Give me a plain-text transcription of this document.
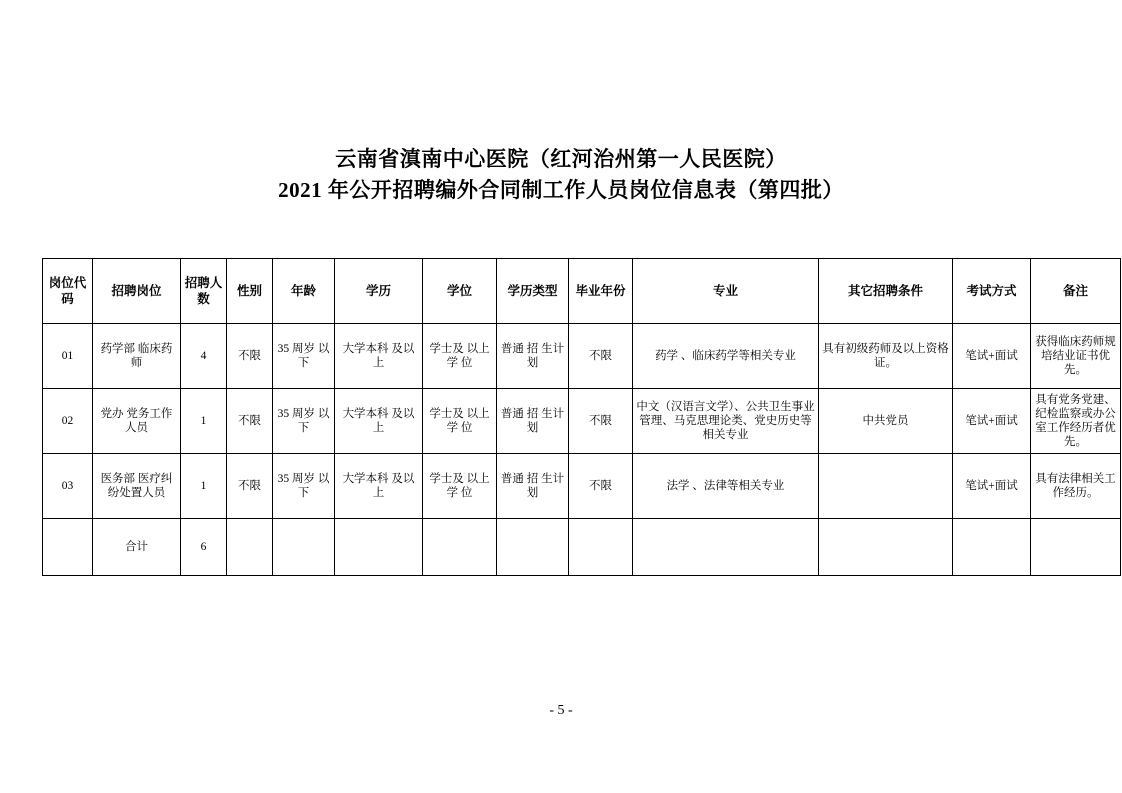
云南省滇南中心医院（红河治州第一人民医院）
2021 年公开招聘编外合同制工作人员岗位信息表（第四批）
岗位代码	招聘岗位	招聘人数	性别	年龄	学历	学位	学历类型	毕业年份	专业	其它招聘条件	考试方式	备注
01	药学部 临床药师	4	不限	35 周岁 以下	大学本科 及以上	学士及 以上学 位	普通 招 生计划	不限	药学 、临床药学等相关专业	具有初级药师及以上资格证。	笔试+面试	获得临床药师规培结业证书优先。
02	党办 党务工作人员	1	不限	35 周岁 以下	大学本科 及以上	学士及 以上学 位	普通 招 生计划	不限	中文（汉语言文学）、公共卫生事业管理、马克思理论类、党史历史等相关专业	中共党员	笔试+面试	具有党务党建、纪检监察或办公室工作经历者优先。
03	医务部 医疗纠纷处置人员	1	不限	35 周岁 以下	大学本科 及以上	学士及 以上学 位	普通 招 生计划	不限	法学 、法律等相关专业		笔试+面试	具有法律相关工作经历。
	合计	6										
- 5 -
